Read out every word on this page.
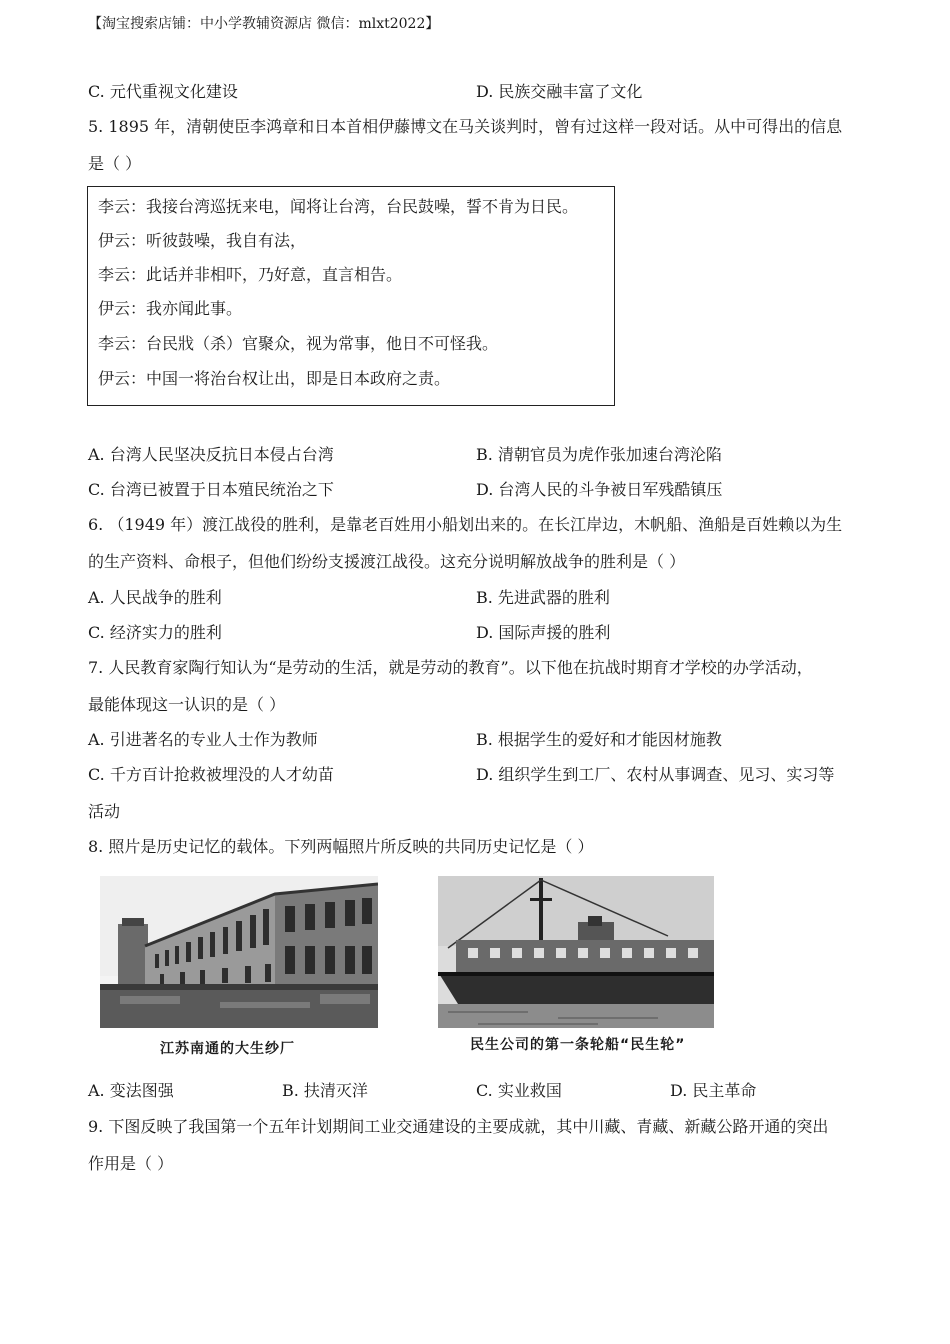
【淘宝搜索店铺：中小学教辅资源店 微信：mlxt2022】
C. 元代重视文化建设	D. 民族交融丰富了文化
5. 1895 年，清朝使臣李鸿章和日本首相伊藤博文在马关谈判时，曾有过这样一段对话。从中可得出的信息
是（ ）
李云：我接台湾巡抚来电，闻将让台湾，台民鼓噪，誓不肯为日民。
伊云：听彼鼓噪，我自有法，
李云：此话并非相吓，乃好意，直言相告。
伊云：我亦闻此事。
李云：台民戕（杀）官聚众，视为常事，他日不可怪我。
伊云：中国一将治台权让出，即是日本政府之责。
A. 台湾人民坚决反抗日本侵占台湾	B. 清朝官员为虎作张加速台湾沦陷
C. 台湾已被置于日本殖民统治之下	D. 台湾人民的斗争被日军残酷镇压
6. （1949 年）渡江战役的胜利，是靠老百姓用小船划出来的。在长江岸边，木帆船、渔船是百姓赖以为生
的生产资料、命根子，但他们纷纷支援渡江战役。这充分说明解放战争的胜利是（ ）
A. 人民战争的胜利	B. 先进武器的胜利
C. 经济实力的胜利	D. 国际声援的胜利
7. 人民教育家陶行知认为“是劳动的生活，就是劳动的教育”。以下他在抗战时期育才学校的办学活动，
最能体现这一认识的是（ ）
A. 引进著名的专业人士作为教师	B. 根据学生的爱好和才能因材施教
C. 千方百计抢救被埋没的人才幼苗	D. 组织学生到工厂、农村从事调查、见习、实习等
活动
8. 照片是历史记忆的载体。下列两幅照片所反映的共同历史记忆是（ ）
江苏南通的大生纱厂	民生公司的第一条轮船“民生轮”
A. 变法图强	B. 扶清灭洋	C. 实业救国	D. 民主革命
9. 下图反映了我国第一个五年计划期间工业交通建设的主要成就，其中川藏、青藏、新藏公路开通的突出
作用是（ ）
